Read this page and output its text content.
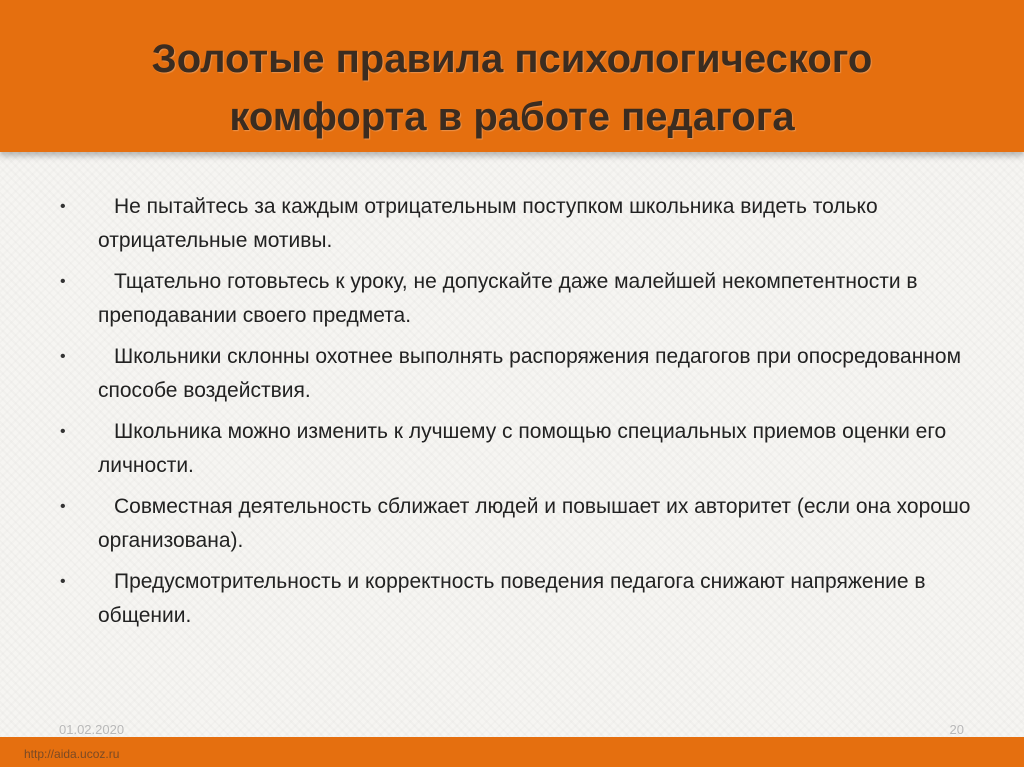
Золотые правила психологического
комфорта в работе педагога
• Не пытайтесь за каждым отрицательным поступком школьника видеть только отрицательные мотивы.
• Тщательно готовьтесь к уроку, не допускайте даже малейшей некомпетентности в преподавании своего предмета.
• Школьники склонны охотнее выполнять распоряжения педагогов при опосредованном способе воздействия.
• Школьника можно изменить к лучшему с помощью специальных приемов оценки его личности.
• Совместная деятельность сближает людей и повышает их авторитет (если она хорошо организована).
• Предусмотрительность и корректность поведения педагога снижают напряжение в общении.
01.02.2020	20
http://aida.ucoz.ru
